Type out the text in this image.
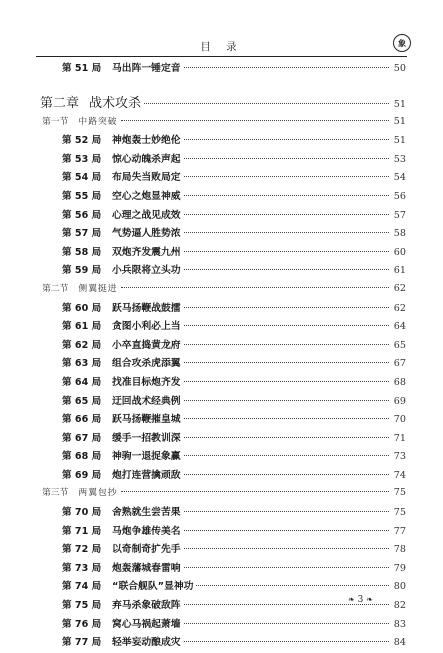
目 录	象
第 51 局	马出阵一锤定音	50
第二章 战术攻杀	51
第一节 中路突破	51
第 52 局	神炮轰士妙绝伦	51
第 53 局	惊心动魄杀声起	53
第 54 局	布局失当败局定	54
第 55 局	空心之炮显神威	56
第 56 局	心理之战见成效	57
第 57 局	气势逼人胜势浓	58
第 58 局	双炮齐发震九州	60
第 59 局	小兵限将立头功	61
第二节 侧翼挺进	62
第 60 局	跃马扬鞭战鼓擂	62
第 61 局	贪图小利必上当	64
第 62 局	小卒直捣黄龙府	65
第 63 局	组合攻杀虎添翼	67
第 64 局	找准目标炮齐发	68
第 65 局	迂回战术经典例	69
第 66 局	跃马扬鞭摧皇城	70
第 67 局	缓手一招教训深	71
第 68 局	神驹一退捉象赢	73
第 69 局	炮打连营擒顽敌	74
第三节 两翼包抄	75
第 70 局	舍熟就生尝苦果	75
第 71 局	马炮争雄传美名	77
第 72 局	以奇制奇扩先手	78
第 73 局	炮轰藩城春雷响	79
第 74 局	“联合舰队”显神功	80
第 75 局	弃马杀象破敌阵	82
第 76 局	窝心马祸起萧墙	83
第 77 局	轻举妄动酿成灾	84
❧ 3 ❧
